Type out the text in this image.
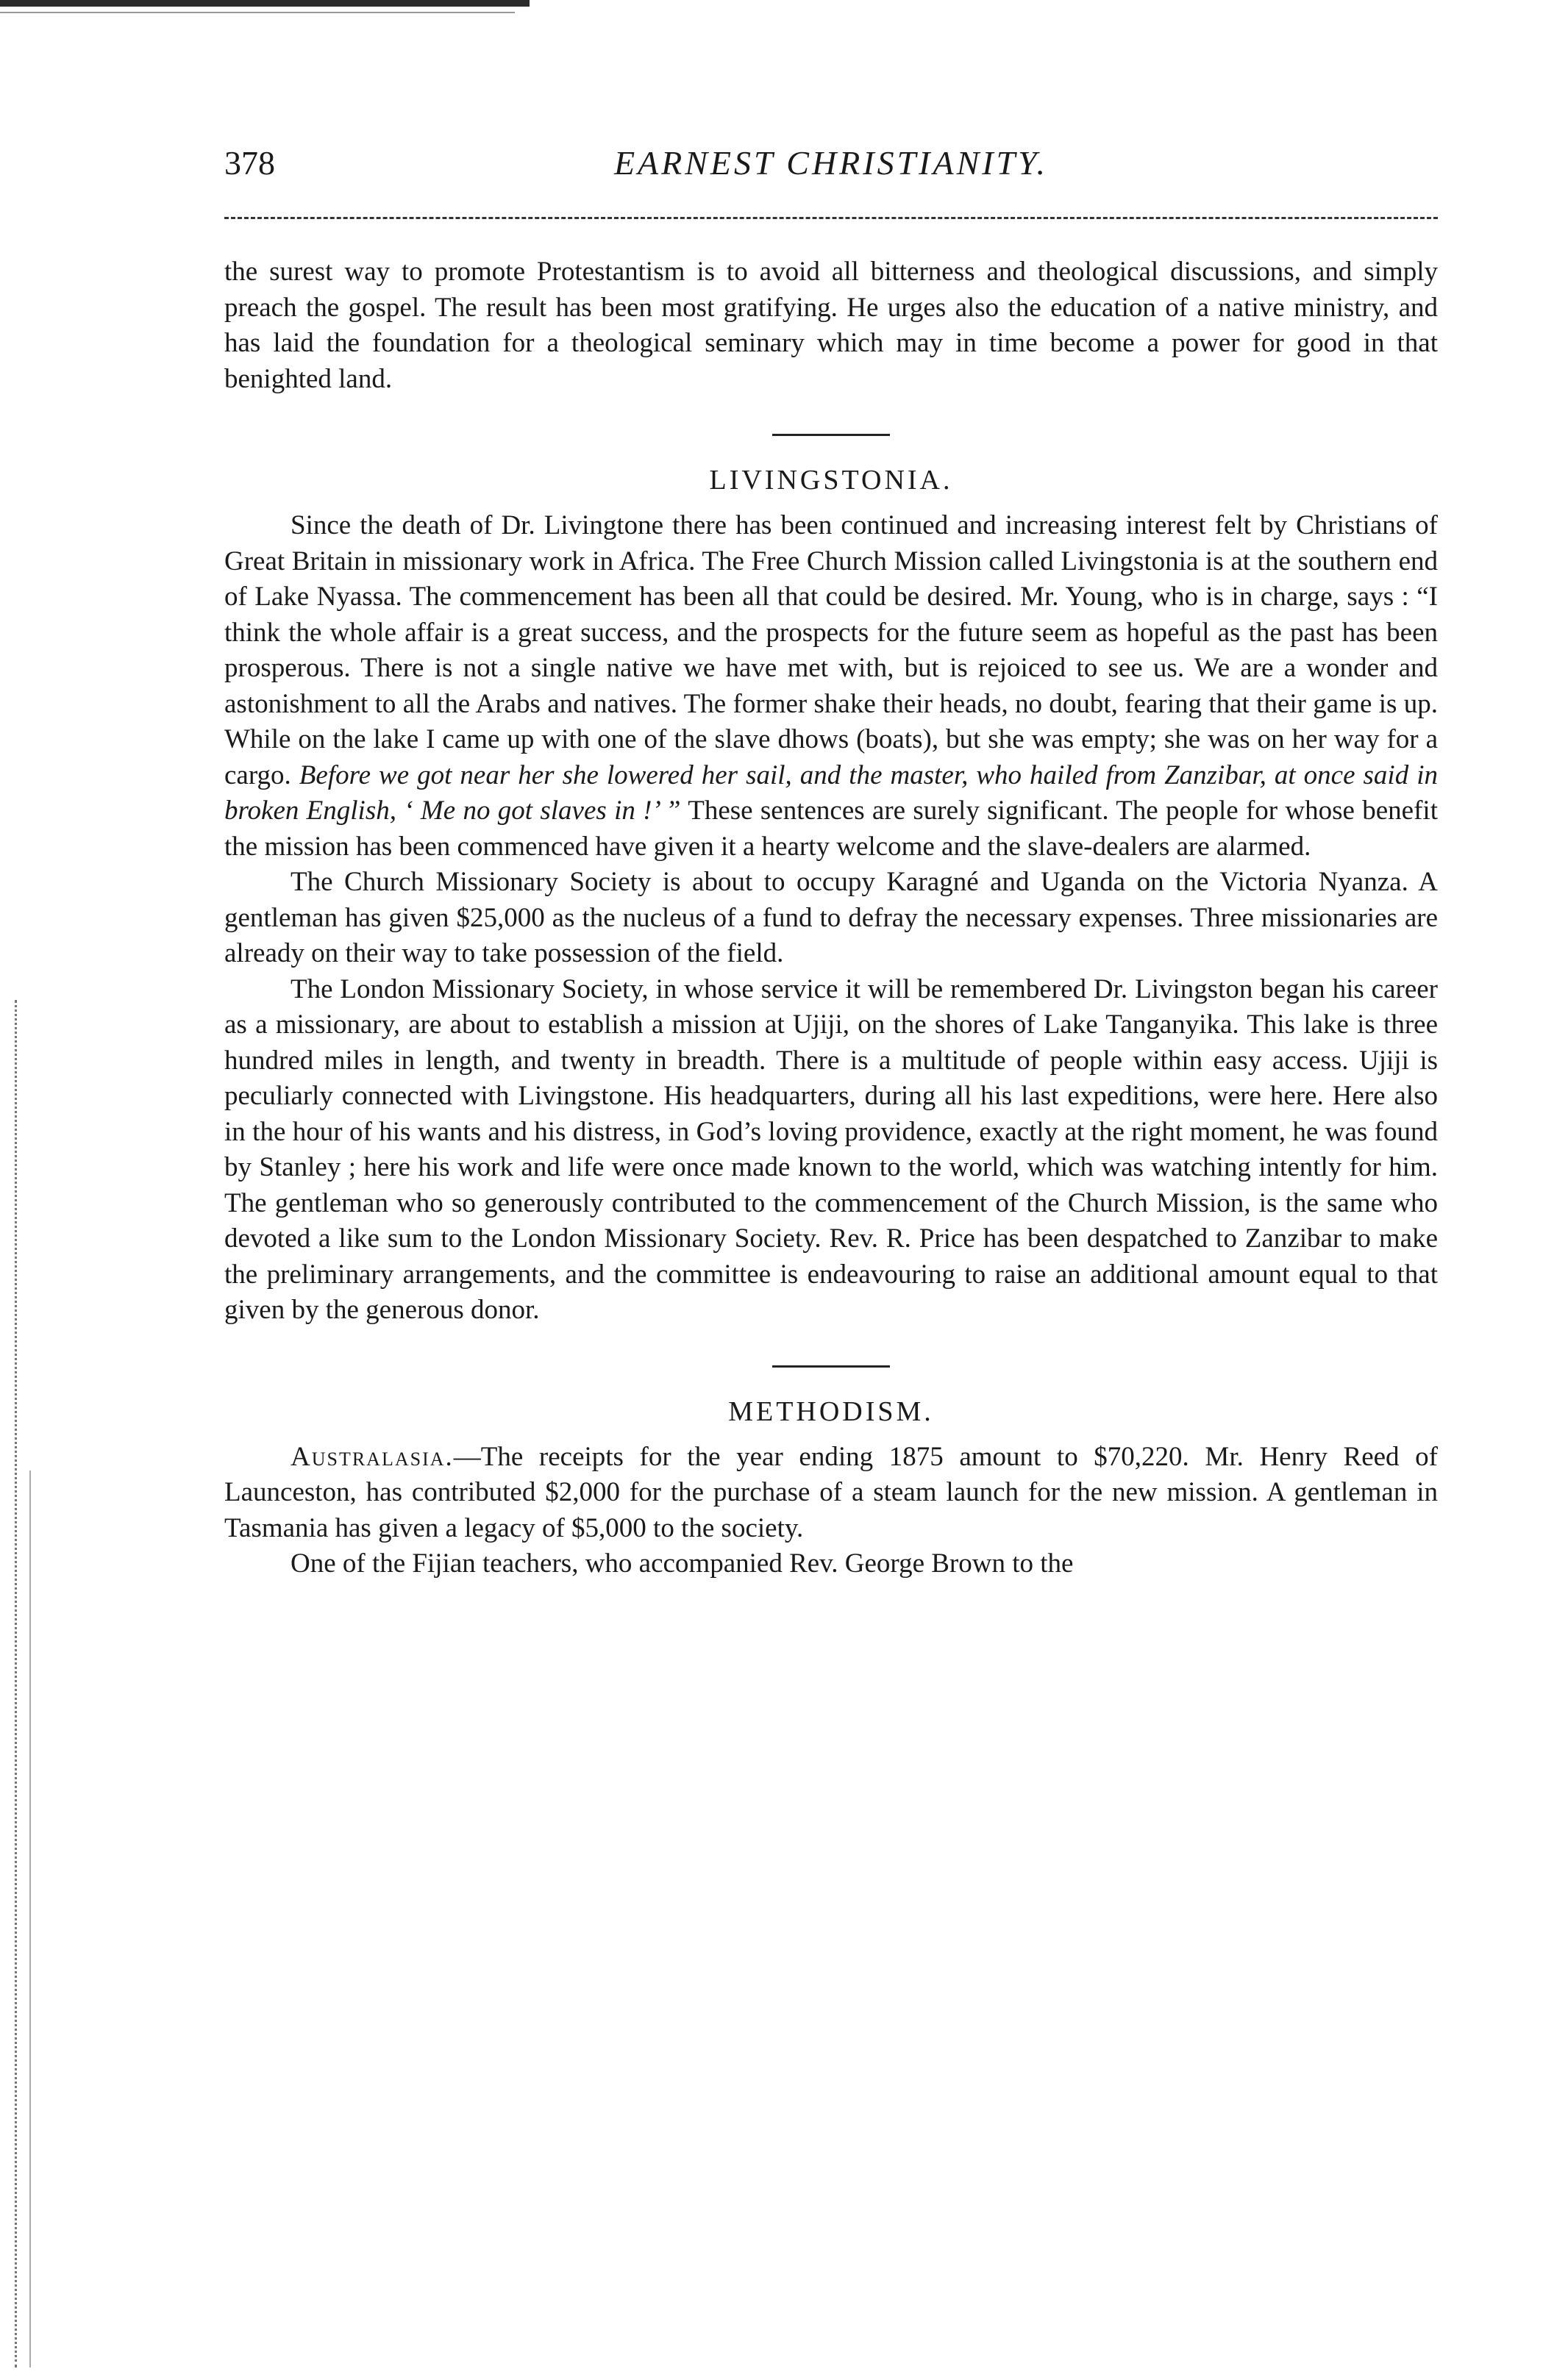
378	EARNEST CHRISTIANITY.

the surest way to promote Protestantism is to avoid all bitterness and theological discussions, and simply preach the gospel. The result has been most gratifying. He urges also the education of a native ministry, and has laid the foundation for a theological seminary which may in time become a power for good in that benighted land.

LIVINGSTONIA.

Since the death of Dr. Livingtone there has been continued and increasing interest felt by Christians of Great Britain in missionary work in Africa. The Free Church Mission called Livingstonia is at the southern end of Lake Nyassa. The commencement has been all that could be desired. Mr. Young, who is in charge, says : “I think the whole affair is a great success, and the prospects for the future seem as hopeful as the past has been prosperous. There is not a single native we have met with, but is rejoiced to see us. We are a wonder and astonishment to all the Arabs and natives. The former shake their heads, no doubt, fearing that their game is up. While on the lake I came up with one of the slave dhows (boats), but she was empty; she was on her way for a cargo. Before we got near her she lowered her sail, and the master, who hailed from Zanzibar, at once said in broken English, ‘ Me no got slaves in !’ ” These sentences are surely significant. The people for whose benefit the mission has been commenced have given it a hearty welcome and the slave-dealers are alarmed.

The Church Missionary Society is about to occupy Karagné and Uganda on the Victoria Nyanza. A gentleman has given $25,000 as the nucleus of a fund to defray the necessary expenses. Three missionaries are already on their way to take possession of the field.

The London Missionary Society, in whose service it will be remembered Dr. Livingston began his career as a missionary, are about to establish a mission at Ujiji, on the shores of Lake Tanganyika. This lake is three hundred miles in length, and twenty in breadth. There is a multitude of people within easy access. Ujiji is peculiarly connected with Livingstone. His headquarters, during all his last expeditions, were here. Here also in the hour of his wants and his distress, in God’s loving providence, exactly at the right moment, he was found by Stanley ; here his work and life were once made known to the world, which was watching intently for him. The gentleman who so generously contributed to the commencement of the Church Mission, is the same who devoted a like sum to the London Missionary Society. Rev. R. Price has been despatched to Zanzibar to make the preliminary arrangements, and the committee is endeavouring to raise an additional amount equal to that given by the generous donor.

METHODISM.

Australasia.—The receipts for the year ending 1875 amount to $70,220. Mr. Henry Reed of Launceston, has contributed $2,000 for the purchase of a steam launch for the new mission. A gentleman in Tasmania has given a legacy of $5,000 to the society.

One of the Fijian teachers, who accompanied Rev. George Brown to the
